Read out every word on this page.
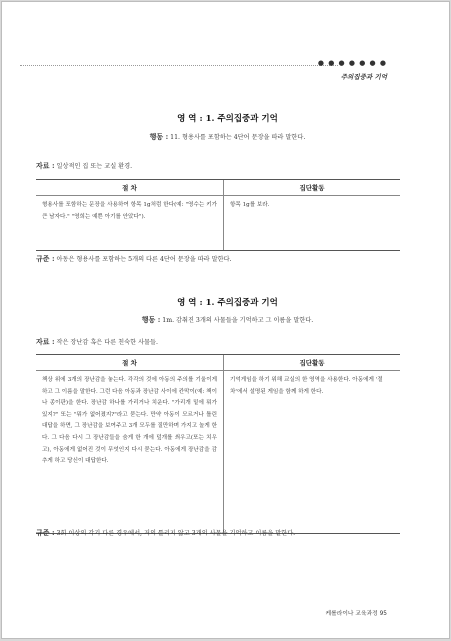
● ● ● ● ● ● ●
주의집중과 기억
영 역 : 1. 주의집중과 기억
행동 : 11. 형용사를 포함하는 4단어 문장을 따라 말한다.
자료 : 일상적인 집 또는 교실 환경.
절 차	집단활동
형용사를 포함하는 문장을 사용하여 항목 1g처럼 한다(예: "영수는 키가 큰 남자다." "영희는 예쁜 아기를 안았다").
항목 1g를 보라.
규준 : 아동은 형용사를 포함하는 5개의 다른 4단어 문장을 따라 말한다.
영 역 : 1. 주의집중과 기억
행동 : 1m. 감춰진 3개의 사물들을 기억하고 그 이름을 말한다.
자료 : 작은 장난감 혹은 다른 친숙한 사물들.
절 차	집단활동
책상 위에 3개의 장난감을 놓는다. 각각의 것에 아동의 주의를 기울이게 하고 그 이름을 말한다. 그런 다음 아동과 장난감 사이에 칸막이(예: 책이나 종이판)을 한다. 장난감 하나를 가리거나 치운다. "가리개 밑에 뭐가 있지?" 또는 "뭐가 없어졌지?"라고 묻는다. 만약 아동이 모르거나 틀린 대답을 하면, 그 장난감을 보여주고 3개 모두를 질만하며 가지고 놀게 한다. 그 다음 다시 그 장난감들을 숨게 한 개에 덮개를 씌우고(또는 치우고), 아동에게 없어진 것이 무엇인지 다시 묻는다. 아동에게 장난감을 감추게 하고 당신이 대답한다.
기억게임을 하기 위해 교실의 한 영역을 사용한다. 아동에게 '절차'에서 설명된 게임을 함께 하게 한다.
규준 : 3회 이상의 각기 다른 경우에서, 거의 틀리지 않고 3개의 사물을 기억하고 이름을 말한다.
케롤라이나 교육과정 95
